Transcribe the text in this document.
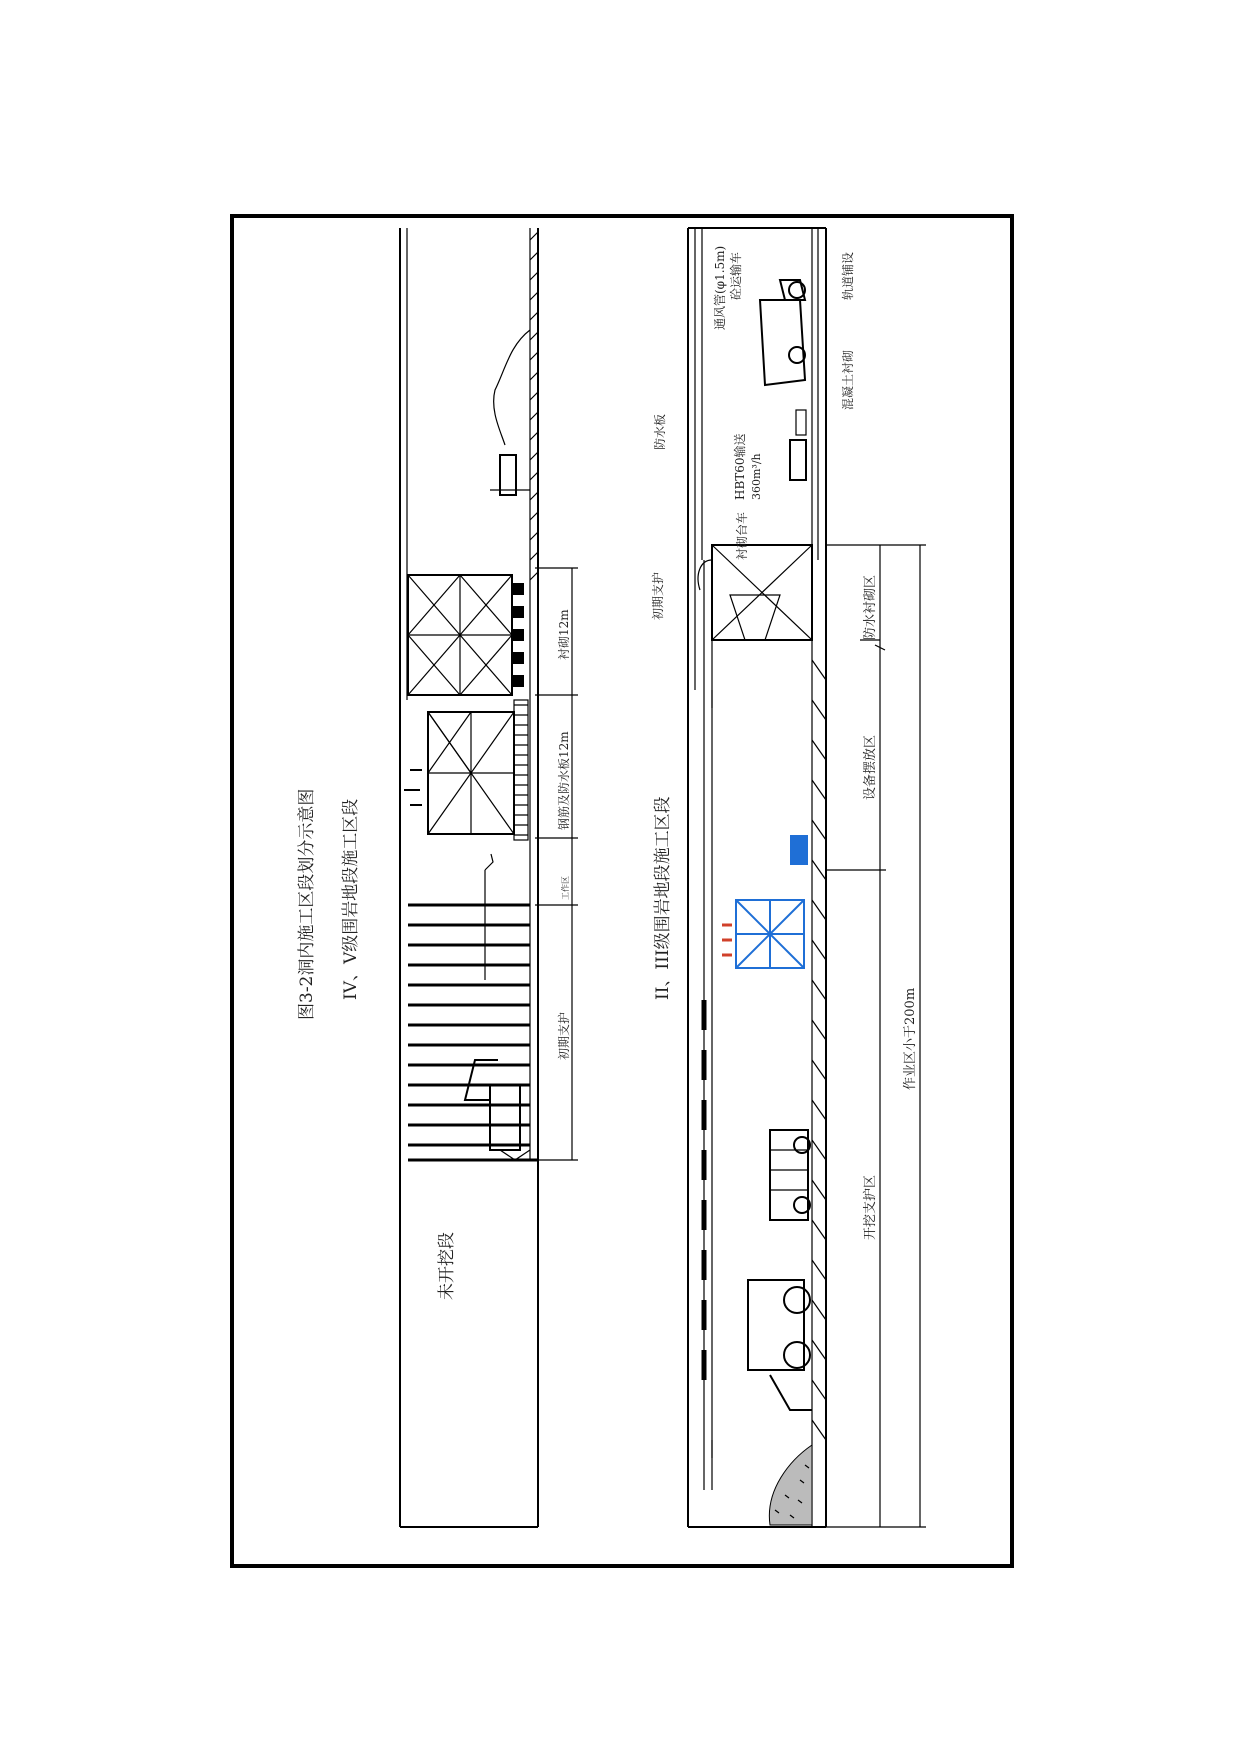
图3-2洞内施工区段划分示意图 IV、V级围岩地段施工区段	II、III级围岩地段施工区段
衬砌12m
钢筋及防水板12m
工作区
初期支护
未开挖段
通风管(φ1.5m) 砼运输车
HBT60输送 360m³/h
衬砌台车
防水板
初期支护
混凝土衬砌
轨道铺设
防水衬砌区
设备摆放区
开挖支护区
作业区小于200m
